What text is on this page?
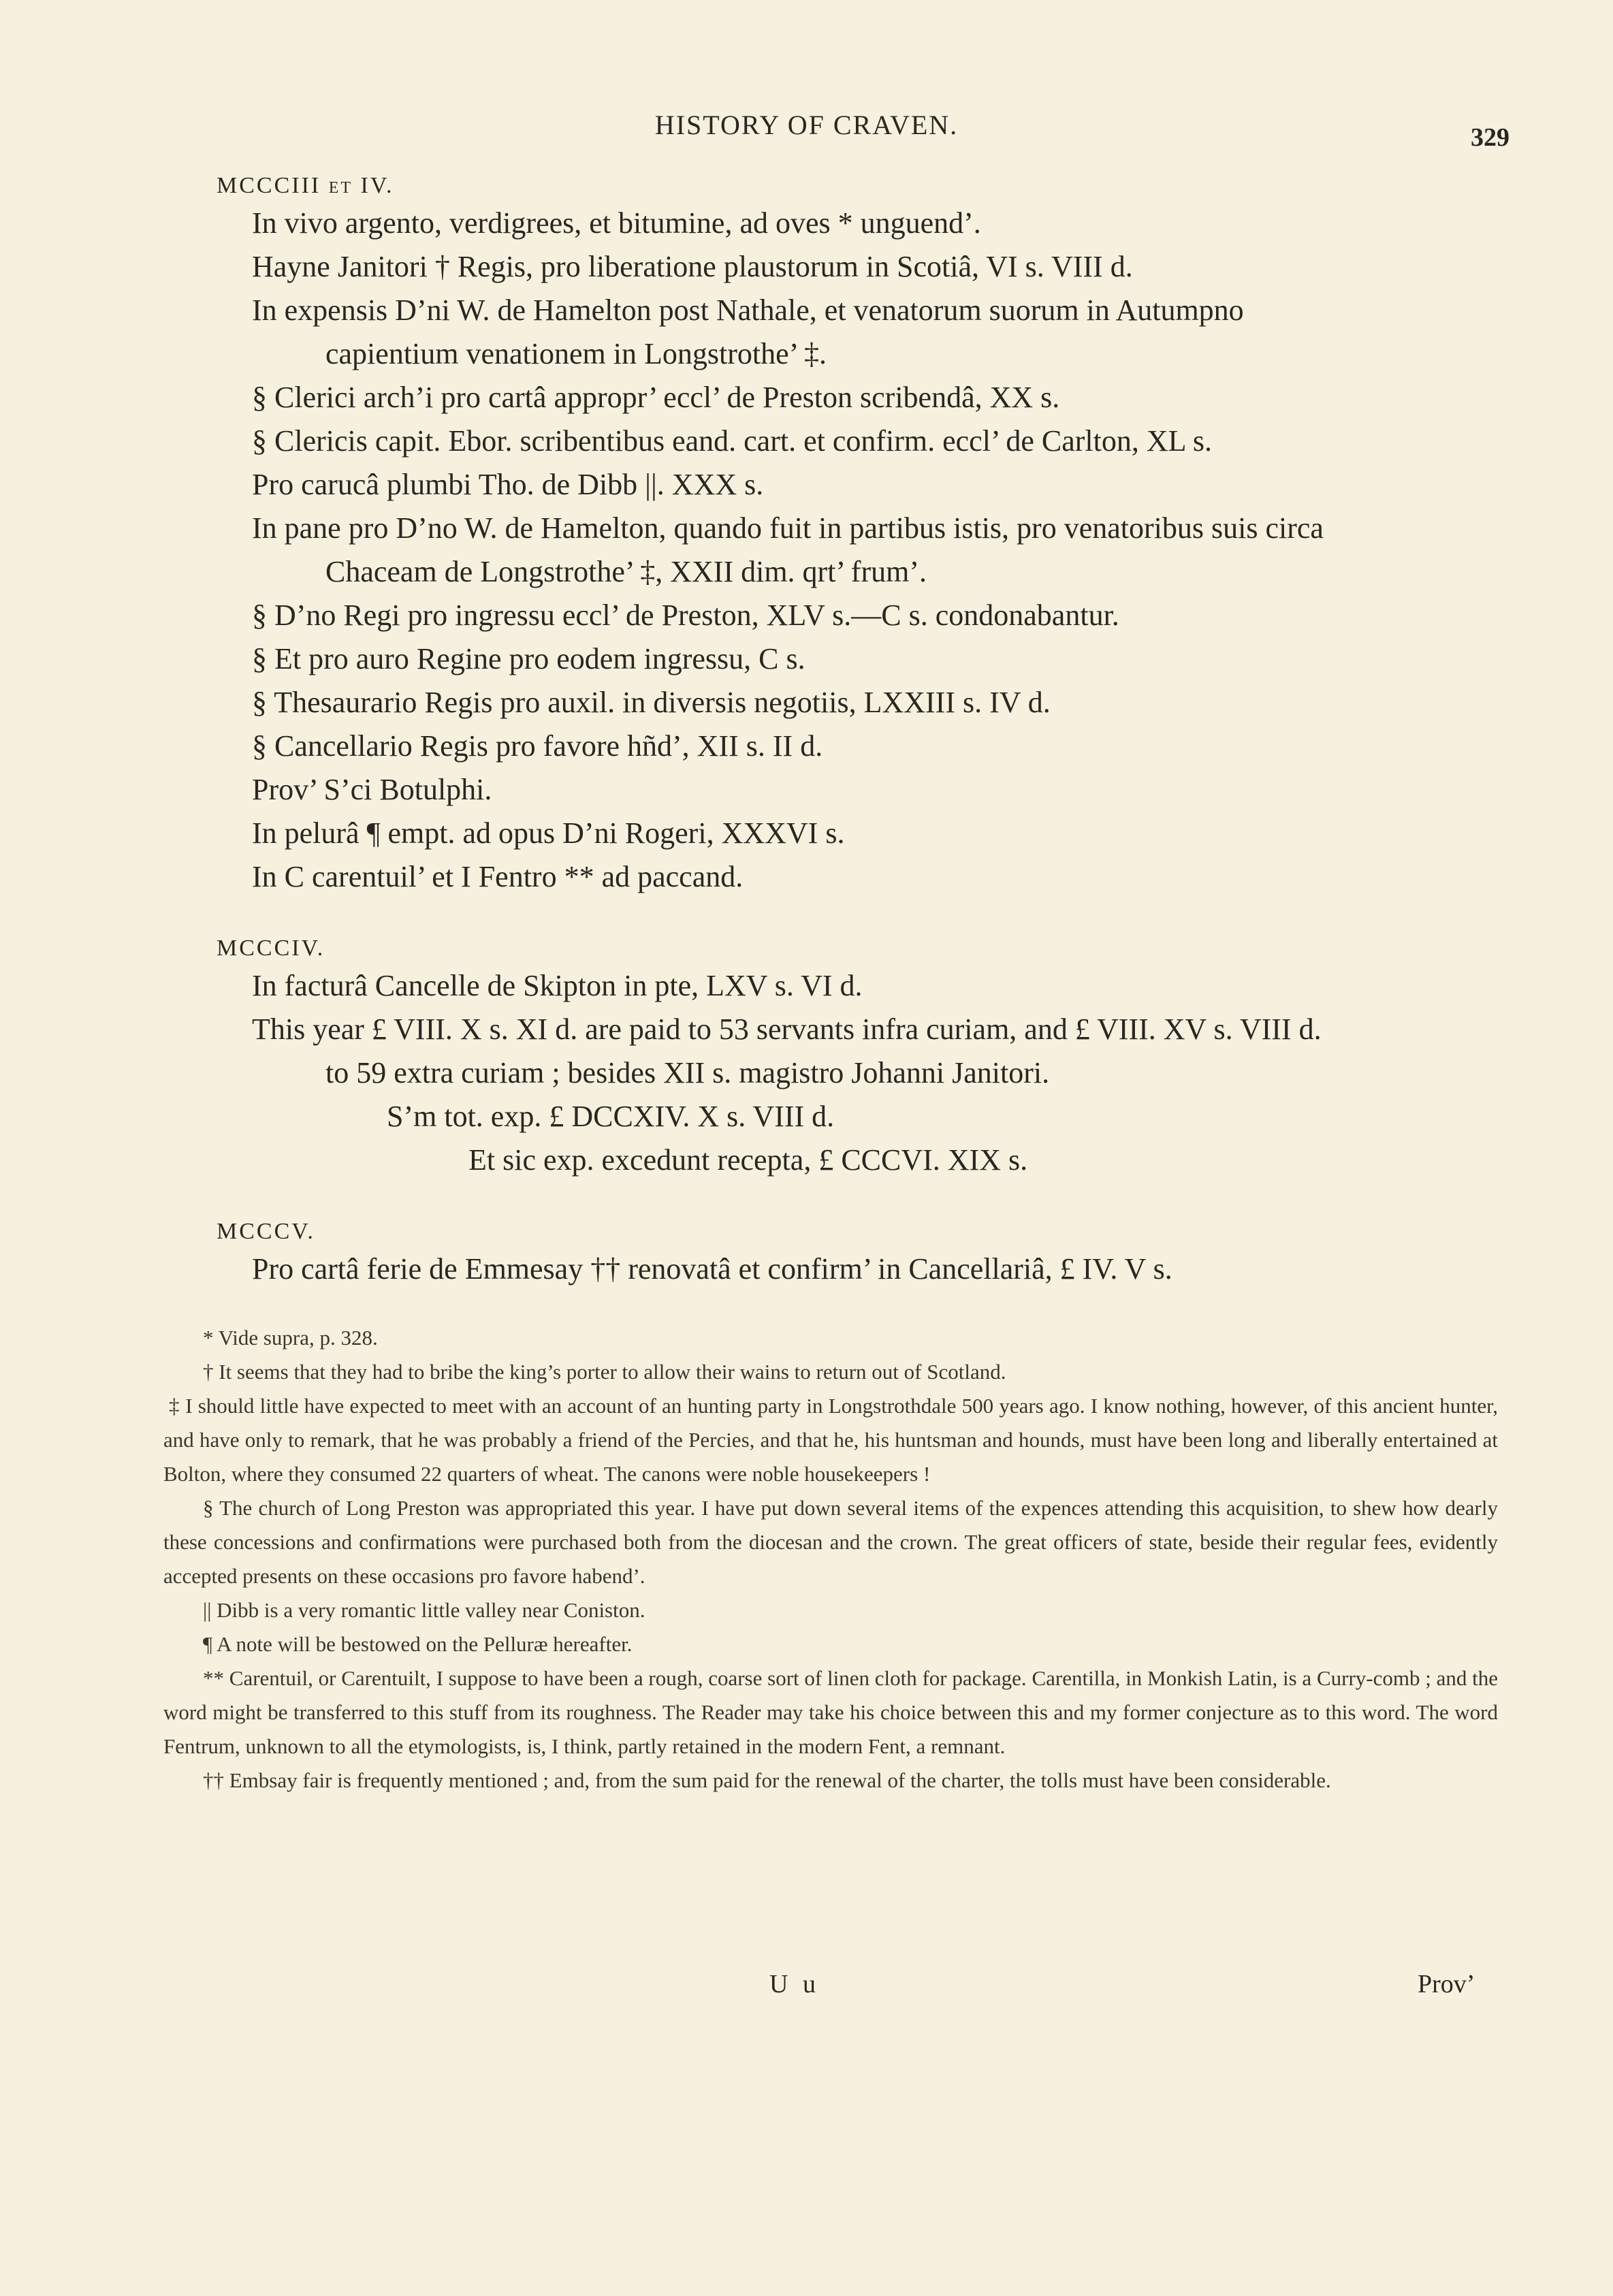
HISTORY OF CRAVEN.	329
MCCCIII et IV.
In vivo argento, verdigrees, et bitumine, ad oves * unguend’.
Hayne Janitori † Regis, pro liberatione plaustorum in Scotiâ, VI s. VIII d.
In expensis D’ni W. de Hamelton post Nathale, et venatorum suorum in Autumpno
capientium venationem in Longstrothe’ ‡.
§ Clerici arch’i pro cartâ appropr’ eccl’ de Preston scribendâ, XX s.
§ Clericis capit. Ebor. scribentibus eand. cart. et confirm. eccl’ de Carlton, XL s.
Pro carucâ plumbi Tho. de Dibb ||. XXX s.
In pane pro D’no W. de Hamelton, quando fuit in partibus istis, pro venatoribus suis circa
Chaceam de Longstrothe’ ‡, XXII dim. qrt’ frum’.
§ D’no Regi pro ingressu eccl’ de Preston, XLV s.—C s. condonabantur.
§ Et pro auro Regine pro eodem ingressu, C s.
§ Thesaurario Regis pro auxil. in diversis negotiis, LXXIII s. IV d.
§ Cancellario Regis pro favore hñd’, XII s. II d.
Prov’ S’ci Botulphi.
In pelurâ ¶ empt. ad opus D’ni Rogeri, XXXVI s.
In C carentuil’ et I Fentro ** ad paccand.
MCCCIV.
In facturâ Cancelle de Skipton in pte, LXV s. VI d.
This year £ VIII. X s. XI d. are paid to 53 servants infra curiam, and £ VIII. XV s. VIII d.
to 59 extra curiam ; besides XII s. magistro Johanni Janitori.
S’m tot. exp. £ DCCXIV. X s. VIII d.
Et sic exp. excedunt recepta, £ CCCVI. XIX s.
MCCCV.
Pro cartâ ferie de Emmesay †† renovatâ et confirm’ in Cancellariâ, £ IV. V s.
* Vide supra, p. 328.
† It seems that they had to bribe the king’s porter to allow their wains to return out of Scotland.
‡ I should little have expected to meet with an account of an hunting party in Longstrothdale 500 years ago. I know nothing, however, of this ancient hunter, and have only to remark, that he was probably a friend of the Percies, and that he, his huntsman and hounds, must have been long and liberally entertained at Bolton, where they consumed 22 quarters of wheat. The canons were noble housekeepers !
§ The church of Long Preston was appropriated this year. I have put down several items of the expences attending this acquisition, to shew how dearly these concessions and confirmations were purchased both from the diocesan and the crown. The great officers of state, beside their regular fees, evidently accepted presents on these occasions pro favore habend’.
|| Dibb is a very romantic little valley near Coniston.
¶ A note will be bestowed on the Pelluræ hereafter.
** Carentuil, or Carentuilt, I suppose to have been a rough, coarse sort of linen cloth for package. Carentilla, in Monkish Latin, is a Curry-comb ; and the word might be transferred to this stuff from its roughness. The Reader may take his choice between this and my former conjecture as to this word. The word Fentrum, unknown to all the etymologists, is, I think, partly retained in the modern Fent, a remnant.
†† Embsay fair is frequently mentioned ; and, from the sum paid for the renewal of the charter, the tolls must have been considerable.
U u	Prov’
